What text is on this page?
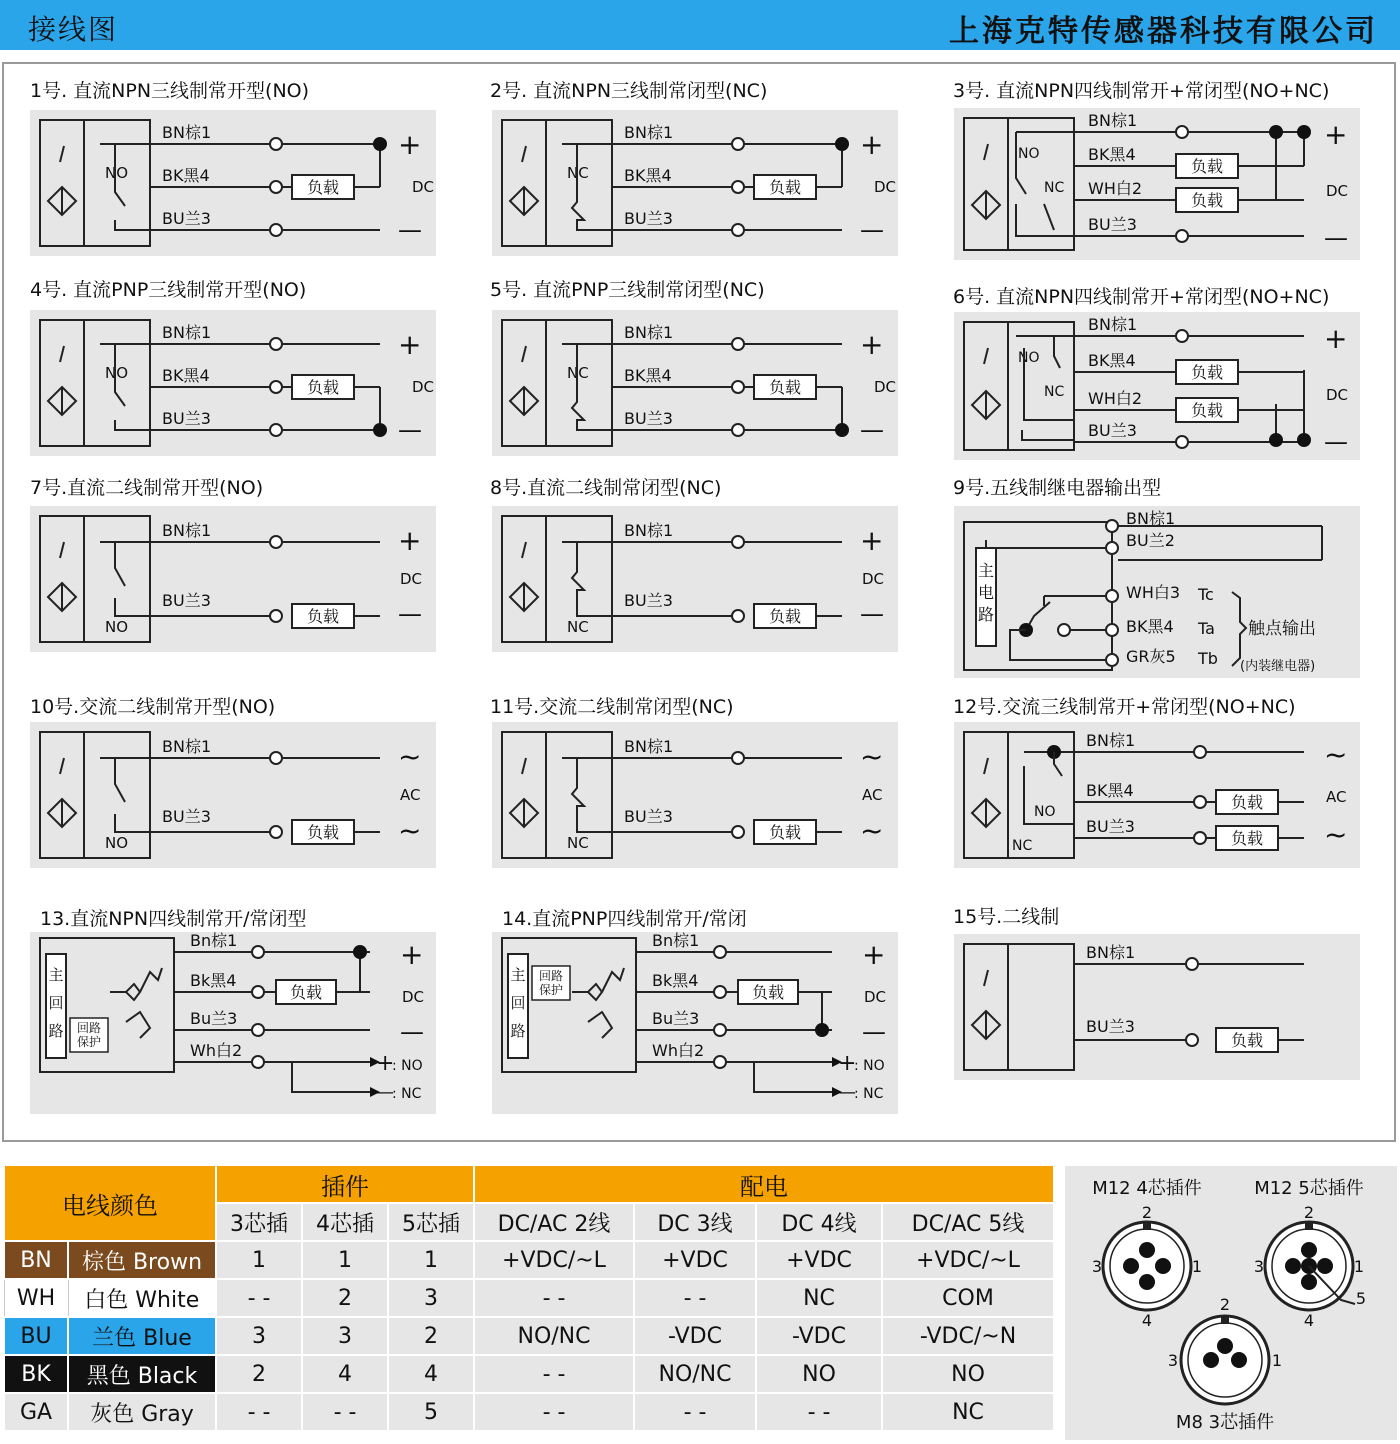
接线图	上海克特传感器科技有限公司
1号. 直流NPN三线制常开型(NO)
BN棕1
BK黑4
BU兰3
NO
负载	DC
+
—
2号. 直流NPN三线制常闭型(NC)
BN棕1
BK黑4
BU兰3
NC
负载	DC
+
—
3号. 直流NPN四线制常开+常闭型(NO+NC)
BN棕1
BK黑4
WH白2
BU兰3
NO
NC
负载
负载	DC
+
—
4号. 直流PNP三线制常开型(NO)
BN棕1
BK黑4
BU兰3
NO
负载	DC
+
—
5号. 直流PNP三线制常闭型(NC)
BN棕1
BK黑4
BU兰3
NC
负载	DC
+
—
6号. 直流NPN四线制常开+常闭型(NO+NC)
BN棕1
BK黑4
WH白2
BU兰3
NO
NC
负载
负载
DC
+
—
7号.直流二线制常开型(NO)
BN棕1
BU兰3
负载
NO
+
—
DC
8号.直流二线制常闭型(NC)
BN棕1
BU兰3
负载
NC
+
—
DC
9号.五线制继电器输出型
主
电
路
BN棕1
BU兰2
WH白3
BK黑4
GR灰5
Tc
Ta
Tb
触点输出
(内装继电器)
10号.交流二线制常开型(NO)
BN棕1
BU兰3
负载
NO
~
~
AC
11号.交流二线制常闭型(NC)
BN棕1
BU兰3
负载
NC
~
~
AC
12号.交流三线制常开+常闭型(NO+NC)
BN棕1
BK黑4
BU兰3
NO
NC
负载
负载
~
~
AC
13.直流NPN四线制常开/常闭型
主
回
路
Bn棕1
Bk黑4
Bu兰3
Wh白2
回路
保护
负载	DC
+
—
+
—
: NO
: NC
14.直流PNP四线制常开/常闭
主
回
路
Bn棕1
Bk黑4
Bu兰3
Wh白2
回路
保护	负载	DC
+
—
+
—
: NO
: NC
15号.二线制
BN棕1
负载
BU兰3
电线颜色		插件			配电			
		3芯插	4芯插	5芯插	DC/AC 2线	DC 3线	DC 4线	DC/AC 5线
BN	棕色 Brown	1	1	1	+VDC/~L	+VDC	+VDC	+VDC/~L
WH	白色 White	- -	2	3	- -	- -	NC	COM
BU	兰色 Blue	3	3	2	NO/NC	-VDC	-VDC	-VDC/~N
BK	黑色 Black	2	4	4	- -	NO/NC	NO	NO
GA	灰色 Gray	- -	- -	5	- -	- -	- -	NC
M12 4芯插件	M12 5芯插件
M8 3芯插件
2
1
4
3
2
1
4
3
5
2
1
3
